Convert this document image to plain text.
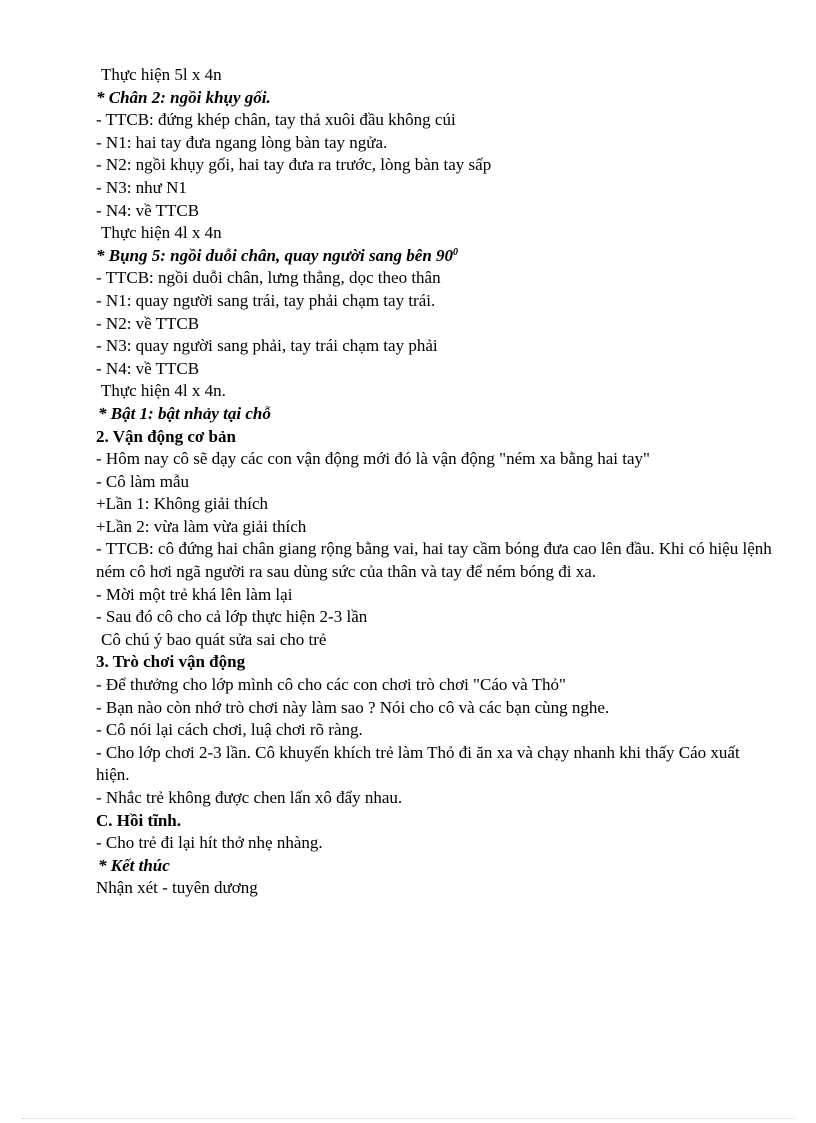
Thực hiện 5l x 4n
* Chân 2: ngồi khụy gối.
- TTCB: đứng khép chân, tay thả xuôi đầu không cúi
- N1: hai tay đưa ngang lòng bàn tay ngửa.
- N2: ngồi khụy gối, hai tay đưa ra trước, lòng bàn tay sấp
- N3: như N1
- N4: về TTCB
Thực hiện 4l x 4n
* Bụng 5: ngồi duỗi chân, quay người sang bên $90^0$
- TTCB: ngồi duỗi chân, lưng thẳng, dọc theo thân
- N1: quay người sang trái, tay phải chạm tay trái.
- N2: về TTCB
- N3: quay người sang phải, tay trái chạm tay phải
- N4: về TTCB
Thực hiện 4l x 4n.
* Bật 1: bật nhảy tại chỗ
2. Vận động cơ bản
- Hôm nay cô sẽ dạy các con vận động mới đó là vận động "ném xa bằng hai tay"
- Cô làm mẫu
+Lần 1: Không giải thích
+Lần 2: vừa làm vừa giải thích
- TTCB: cô đứng hai chân giang rộng bằng vai, hai tay cầm bóng đưa cao lên đầu. Khi có hiệu lệnh ném cô hơi ngã người ra sau dùng sức của thân và tay để ném bóng đi xa.
- Mời một trẻ khá lên làm lại
- Sau đó cô cho cả lớp thực hiện 2-3 lần
Cô chú ý bao quát sửa sai cho trẻ
3. Trò chơi vận động
- Để thưởng cho lớp mình cô cho các con chơi trò chơi "Cáo và Thỏ"
- Bạn nào còn nhớ trò chơi này làm sao ? Nói cho cô và các bạn cùng nghe.
- Cô nói lại cách chơi, luậ chơi rõ ràng.
- Cho lớp chơi 2-3 lần. Cô khuyến khích trẻ làm Thỏ đi ăn xa và chạy nhanh khi thấy Cáo xuất hiện.
- Nhắc trẻ không được chen lấn xô đẩy nhau.
C. Hồi tĩnh.
- Cho trẻ đi lại hít thở nhẹ nhàng.
* Kết thúc
Nhận xét - tuyên dương
